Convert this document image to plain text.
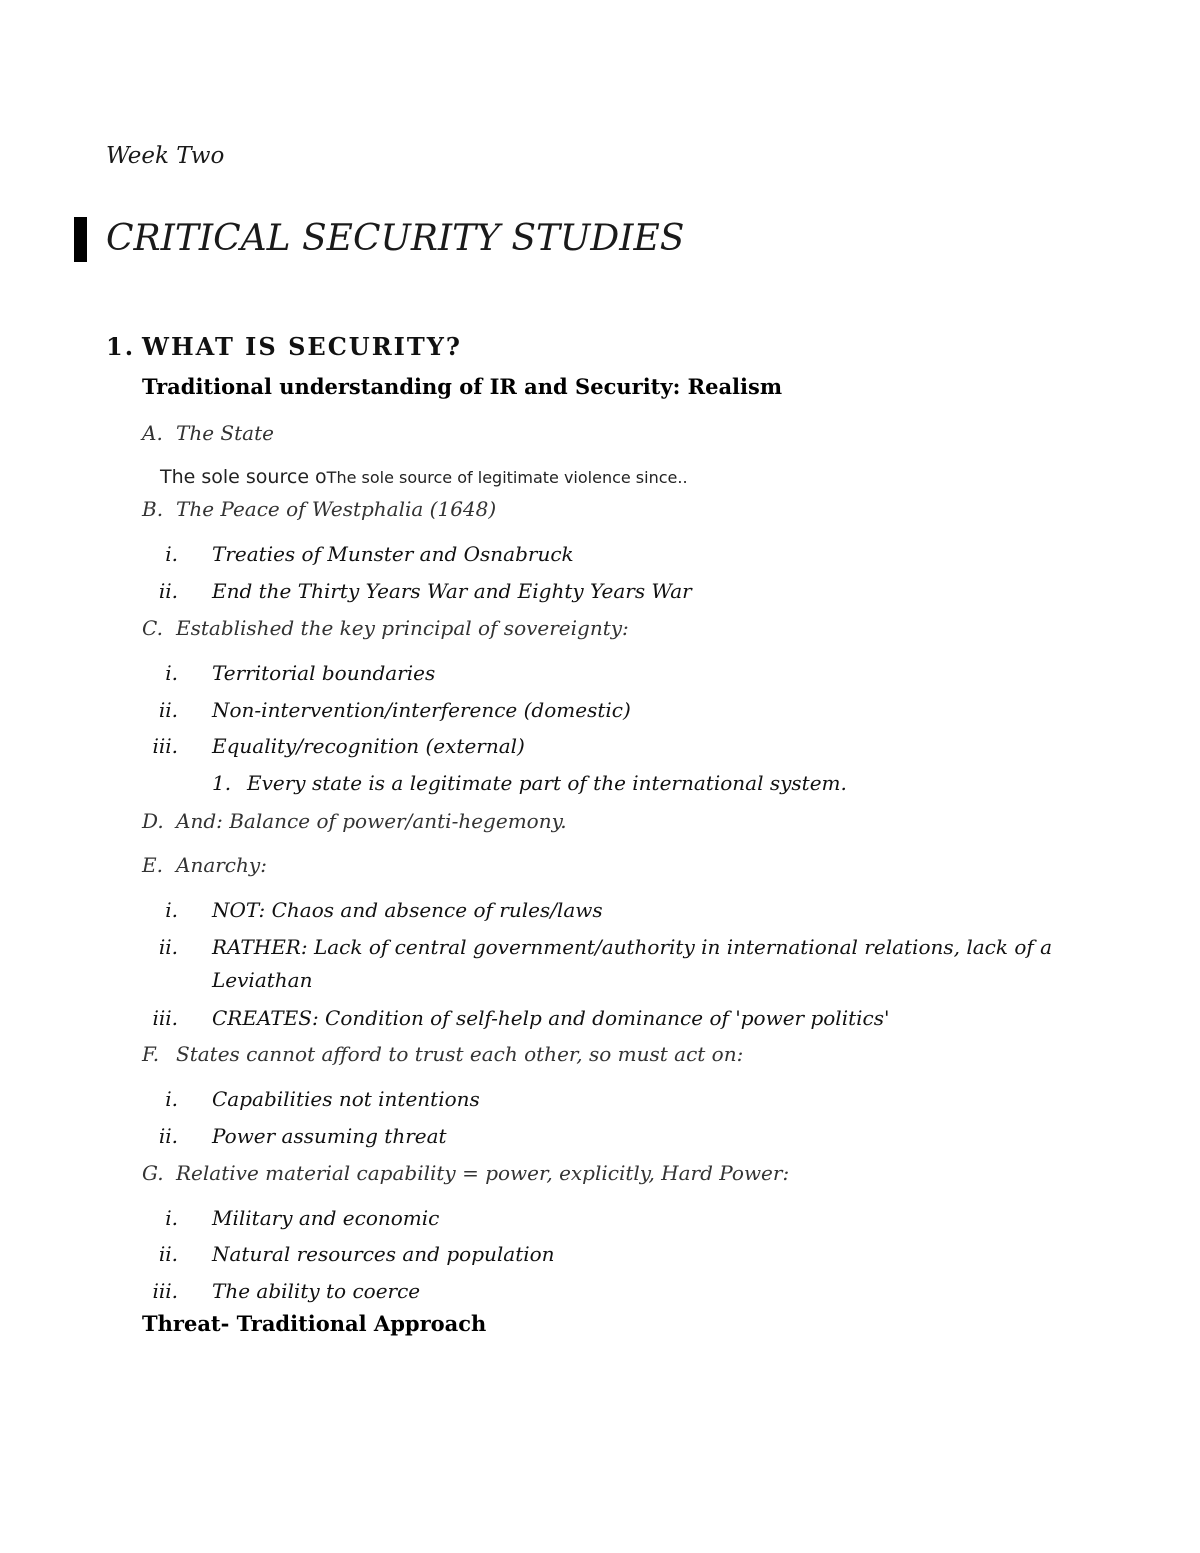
Week Two
CRITICAL SECURITY STUDIES
1. WHAT IS SECURITY?
Traditional understanding of IR and Security: Realism
A. The State
The sole source oThe sole source of legitimate violence since..
B. The Peace of Westphalia (1648)
i. Treaties of Munster and Osnabruck
ii. End the Thirty Years War and Eighty Years War
C. Established the key principal of sovereignty:
i. Territorial boundaries
ii. Non-intervention/interference (domestic)
iii. Equality/recognition (external)
1. Every state is a legitimate part of the international system.
D. And: Balance of power/anti-hegemony.
E. Anarchy:
i. NOT: Chaos and absence of rules/laws
ii. RATHER: Lack of central government/authority in international relations, lack of a
Leviathan
iii. CREATES: Condition of self-help and dominance of 'power politics'
F. States cannot afford to trust each other, so must act on:
i. Capabilities not intentions
ii. Power assuming threat
G. Relative material capability = power, explicitly, Hard Power:
i. Military and economic
ii. Natural resources and population
iii. The ability to coerce
Threat- Traditional Approach
